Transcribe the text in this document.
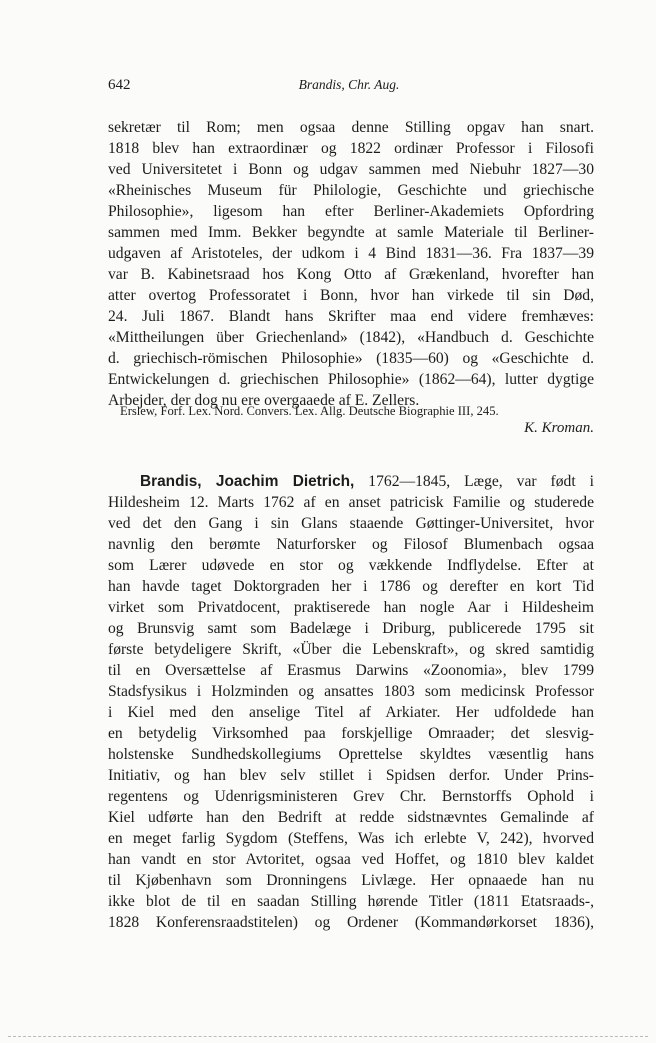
642	Brandis, Chr. Aug.
sekretær til Rom; men ogsaa denne Stilling opgav han snart.
1818 blev han extraordinær og 1822 ordinær Professor i Filosofi
ved Universitetet i Bonn og udgav sammen med Niebuhr 1827—30
«Rheinisches Museum für Philologie, Geschichte und griechische
Philosophie», ligesom han efter Berliner-Akademiets Opfordring
sammen med Imm. Bekker begyndte at samle Materiale til Berliner-
udgaven af Aristoteles, der udkom i 4 Bind 1831—36. Fra 1837—39
var B. Kabinetsraad hos Kong Otto af Grækenland, hvorefter han
atter overtog Professoratet i Bonn, hvor han virkede til sin Død,
24. Juli 1867. Blandt hans Skrifter maa end videre fremhæves:
«Mittheilungen über Griechenland» (1842), «Handbuch d. Geschichte
d. griechisch-römischen Philosophie» (1835—60) og «Geschichte d.
Entwickelungen d. griechischen Philosophie» (1862—64), lutter dygtige
Arbejder, der dog nu ere overgaaede af E. Zellers.
Erslew, Forf. Lex. Nord. Convers. Lex. Allg. Deutsche Biographie III, 245.
K. Kroman.
Brandis, Joachim Dietrich, 1762—1845, Læge, var født i
Hildesheim 12. Marts 1762 af en anset patricisk Familie og studerede
ved det den Gang i sin Glans staaende Gøttinger-Universitet, hvor
navnlig den berømte Naturforsker og Filosof Blumenbach ogsaa
som Lærer udøvede en stor og vækkende Indflydelse. Efter at
han havde taget Doktorgraden her i 1786 og derefter en kort Tid
virket som Privatdocent, praktiserede han nogle Aar i Hildesheim
og Brunsvig samt som Badelæge i Driburg, publicerede 1795 sit
første betydeligere Skrift, «Über die Lebenskraft», og skred samtidig
til en Oversættelse af Erasmus Darwins «Zoonomia», blev 1799
Stadsfysikus i Holzminden og ansattes 1803 som medicinsk Professor
i Kiel med den anselige Titel af Arkiater. Her udfoldede han
en betydelig Virksomhed paa forskjellige Omraader; det slesvig-
holstenske Sundhedskollegiums Oprettelse skyldtes væsentlig hans
Initiativ, og han blev selv stillet i Spidsen derfor. Under Prins-
regentens og Udenrigsministeren Grev Chr. Bernstorffs Ophold i
Kiel udførte han den Bedrift at redde sidstnævntes Gemalinde af
en meget farlig Sygdom (Steffens, Was ich erlebte V, 242), hvorved
han vandt en stor Avtoritet, ogsaa ved Hoffet, og 1810 blev kaldet
til Kjøbenhavn som Dronningens Livlæge. Her opnaaede han nu
ikke blot de til en saadan Stilling hørende Titler (1811 Etatsraads-,
1828 Konferensraadstitelen) og Ordener (Kommandørkorset 1836),
